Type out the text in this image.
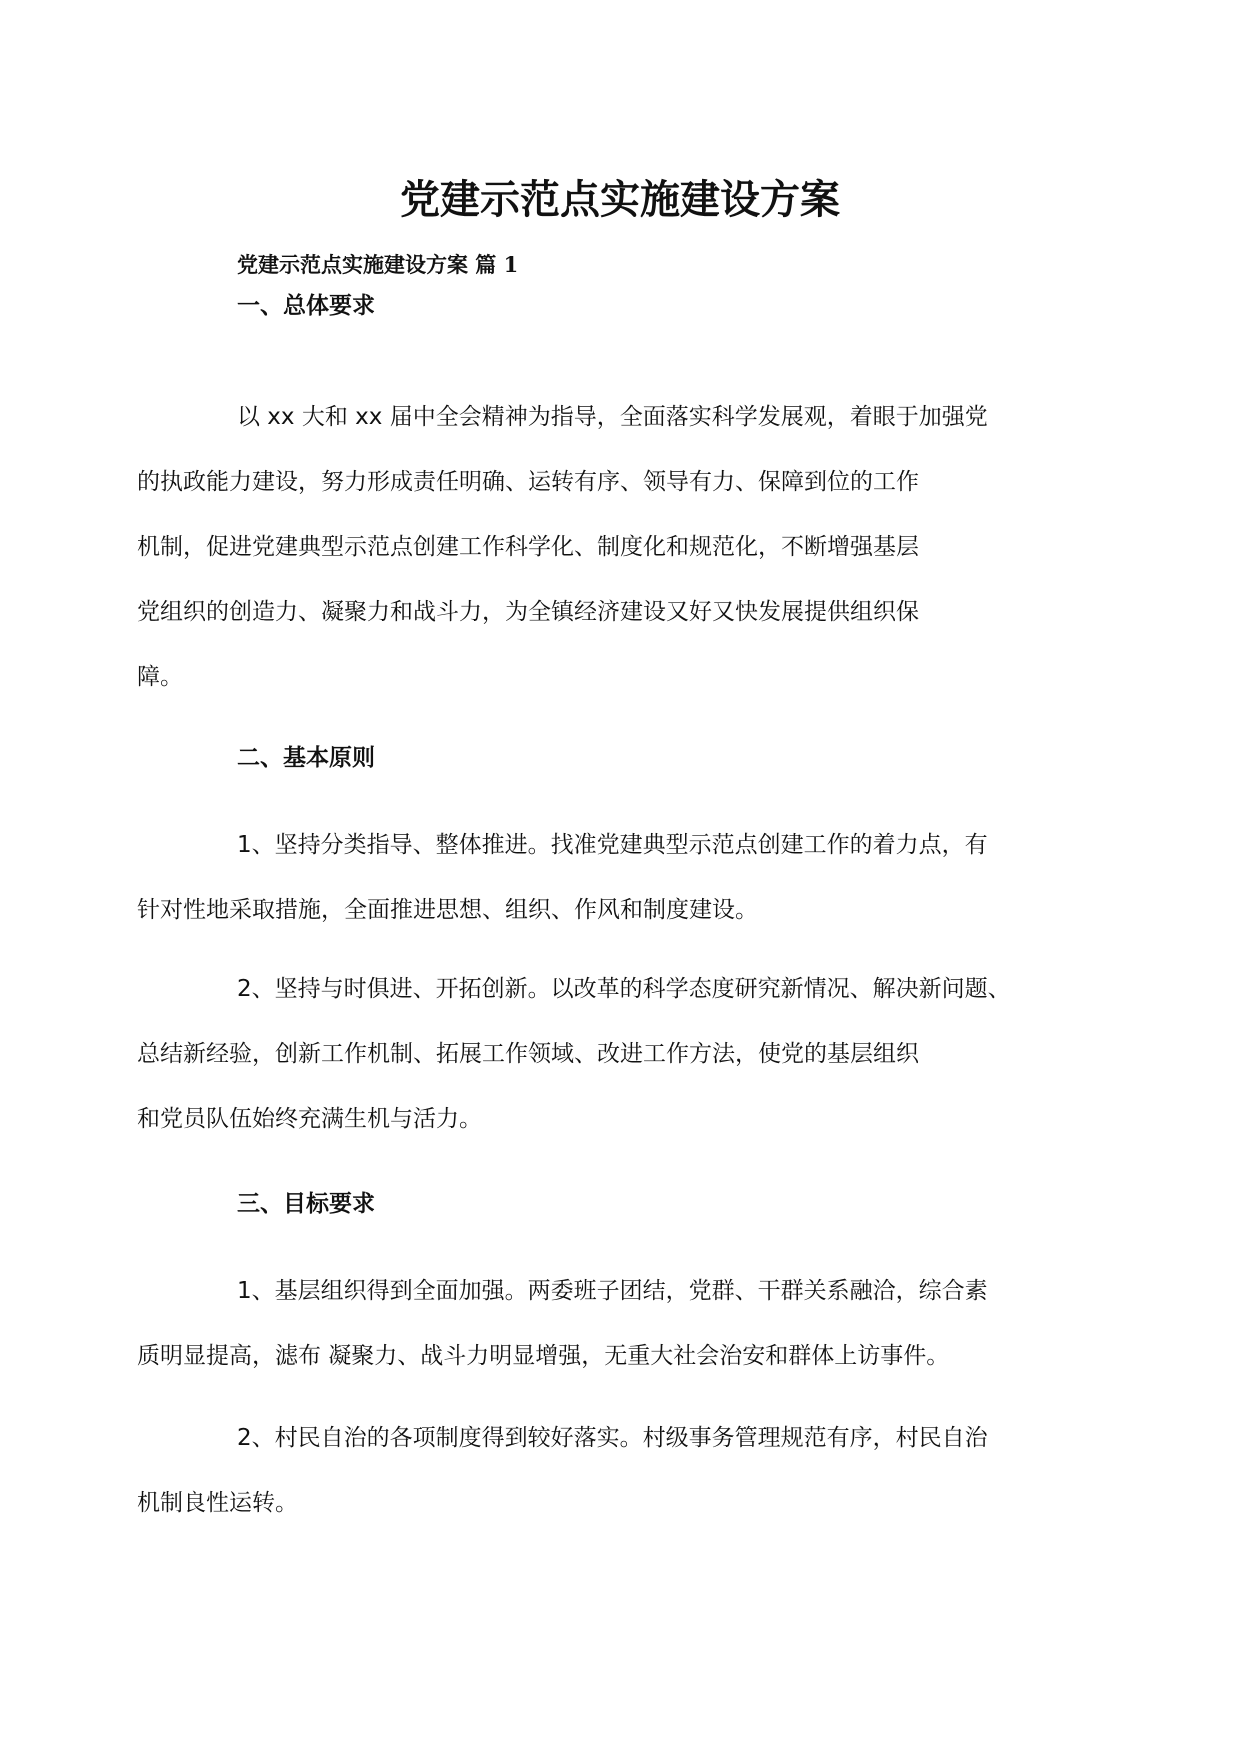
党建示范点实施建设方案
党建示范点实施建设方案 篇 1
一、总体要求
以 xx 大和 xx 届中全会精神为指导，全面落实科学发展观，着眼于加强党
的执政能力建设，努力形成责任明确、运转有序、领导有力、保障到位的工作
机制，促进党建典型示范点创建工作科学化、制度化和规范化，不断增强基层
党组织的创造力、凝聚力和战斗力，为全镇经济建设又好又快发展提供组织保
障。
二、基本原则
1、坚持分类指导、整体推进。找准党建典型示范点创建工作的着力点，有
针对性地采取措施，全面推进思想、组织、作风和制度建设。
2、坚持与时俱进、开拓创新。以改革的科学态度研究新情况、解决新问题、
总结新经验，创新工作机制、拓展工作领域、改进工作方法，使党的基层组织
和党员队伍始终充满生机与活力。
三、目标要求
1、基层组织得到全面加强。两委班子团结，党群、干群关系融洽，综合素
质明显提高，滤布 凝聚力、战斗力明显增强，无重大社会治安和群体上访事件。
2、村民自治的各项制度得到较好落实。村级事务管理规范有序，村民自治
机制良性运转。
